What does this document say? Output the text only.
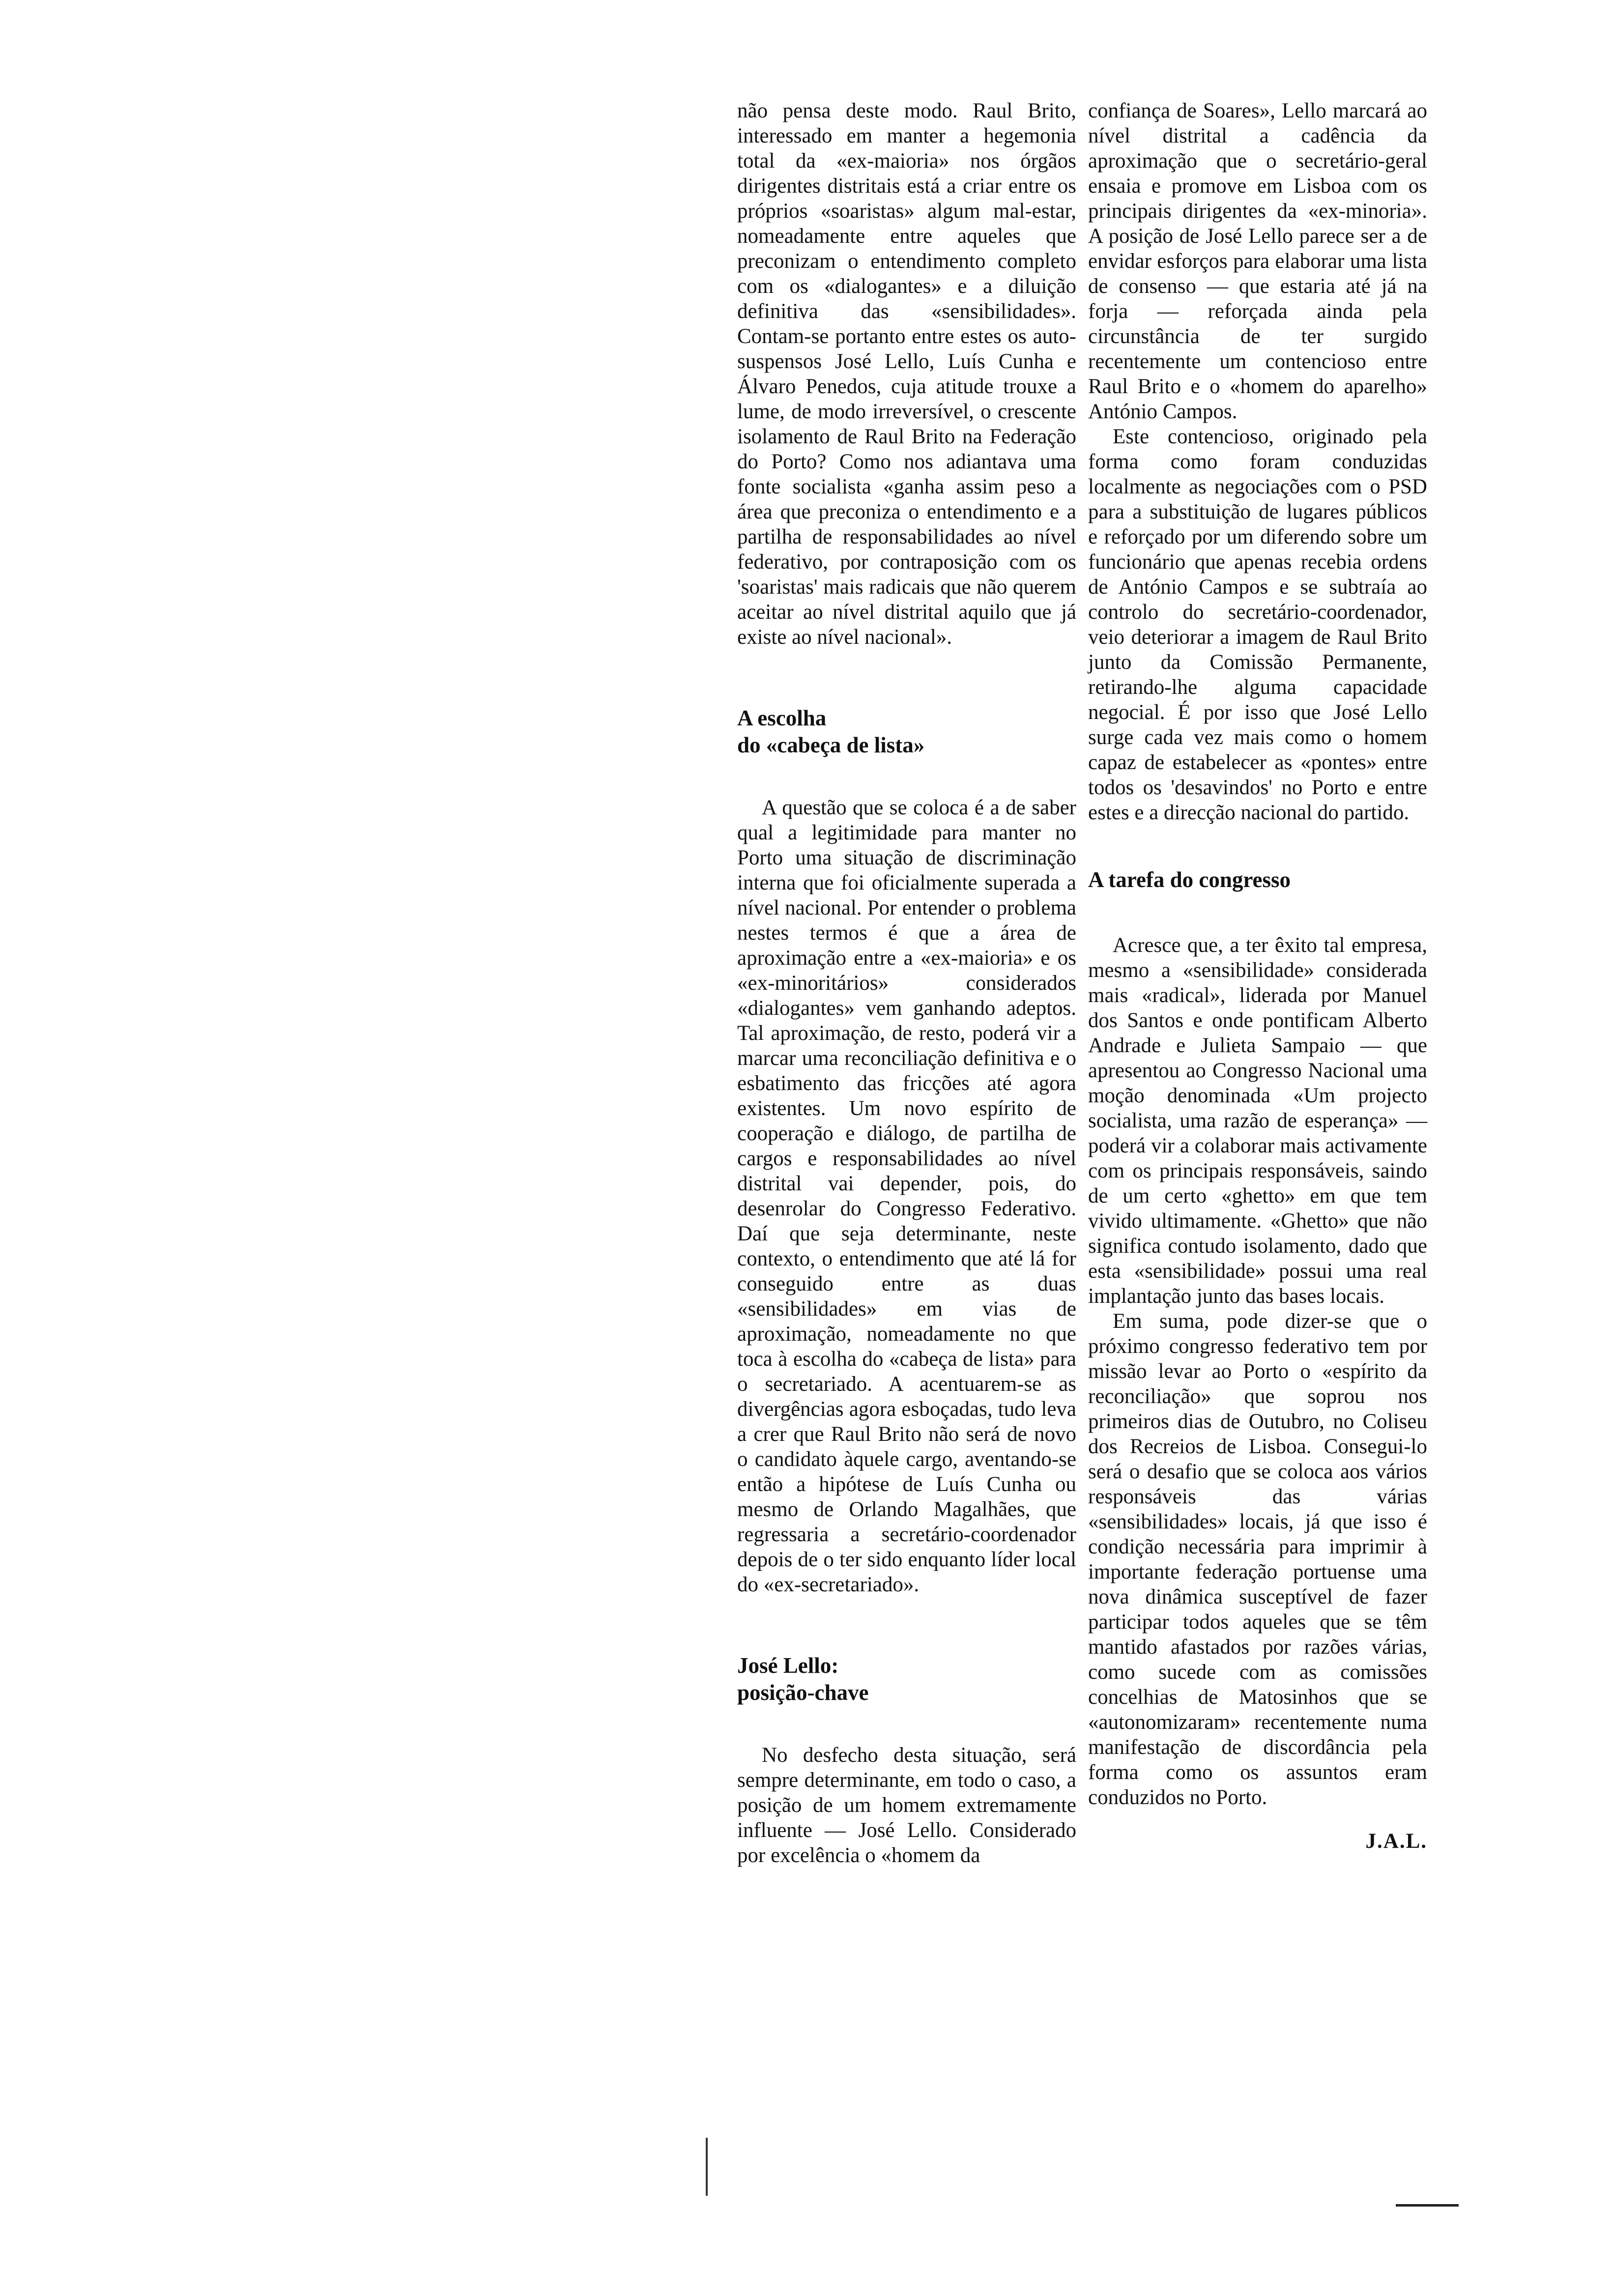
não pensa deste modo. Raul Brito, interessado em manter a hegemonia total da «ex-maioria» nos órgãos dirigentes distritais está a criar entre os próprios «soaristas» algum mal-estar, nomeadamente entre aqueles que preconizam o entendimento completo com os «dialogantes» e a diluição definitiva das «sensibilidades». Contam-se portanto entre estes os auto-suspensos José Lello, Luís Cunha e Álvaro Penedos, cuja atitude trouxe a lume, de modo irreversível, o crescente isolamento de Raul Brito na Federação do Porto? Como nos adiantava uma fonte socialista «ganha assim peso a área que preconiza o entendimento e a partilha de responsabilidades ao nível federativo, por contraposição com os 'soaristas' mais radicais que não querem aceitar ao nível distrital aquilo que já existe ao nível nacional».

A escolha
do «cabeça de lista»

A questão que se coloca é a de saber qual a legitimidade para manter no Porto uma situação de discriminação interna que foi oficialmente superada a nível nacional. Por entender o problema nestes termos é que a área de aproximação entre a «ex-maioria» e os «ex-minoritários» considerados «dialogantes» vem ganhando adeptos. Tal aproximação, de resto, poderá vir a marcar uma reconciliação definitiva e o esbatimento das fricções até agora existentes. Um novo espírito de cooperação e diálogo, de partilha de cargos e responsabilidades ao nível distrital vai depender, pois, do desenrolar do Congresso Federativo. Daí que seja determinante, neste contexto, o entendimento que até lá for conseguido entre as duas «sensibilidades» em vias de aproximação, nomeadamente no que toca à escolha do «cabeça de lista» para o secretariado. A acentuarem-se as divergências agora esboçadas, tudo leva a crer que Raul Brito não será de novo o candidato àquele cargo, aventando-se então a hipótese de Luís Cunha ou mesmo de Orlando Magalhães, que regressaria a secretário-coordenador depois de o ter sido enquanto líder local do «ex-secretariado».

José Lello:
posição-chave

No desfecho desta situação, será sempre determinante, em todo o caso, a posição de um homem extremamente influente — José Lello. Considerado por excelência o «homem da

confiança de Soares», Lello marcará ao nível distrital a cadência da aproximação que o secretário-geral ensaia e promove em Lisboa com os principais dirigentes da «ex-minoria». A posição de José Lello parece ser a de envidar esforços para elaborar uma lista de consenso — que estaria até já na forja — reforçada ainda pela circunstância de ter surgido recentemente um contencioso entre Raul Brito e o «homem do aparelho» António Campos.

Este contencioso, originado pela forma como foram conduzidas localmente as negociações com o PSD para a substituição de lugares públicos e reforçado por um diferendo sobre um funcionário que apenas recebia ordens de António Campos e se subtraía ao controlo do secretário-coordenador, veio deteriorar a imagem de Raul Brito junto da Comissão Permanente, retirando-lhe alguma capacidade negocial. É por isso que José Lello surge cada vez mais como o homem capaz de estabelecer as «pontes» entre todos os 'desavindos' no Porto e entre estes e a direcção nacional do partido.

A tarefa do congresso

Acresce que, a ter êxito tal empresa, mesmo a «sensibilidade» considerada mais «radical», liderada por Manuel dos Santos e onde pontificam Alberto Andrade e Julieta Sampaio — que apresentou ao Congresso Nacional uma moção denominada «Um projecto socialista, uma razão de esperança» — poderá vir a colaborar mais activamente com os principais responsáveis, saindo de um certo «ghetto» em que tem vivido ultimamente. «Ghetto» que não significa contudo isolamento, dado que esta «sensibilidade» possui uma real implantação junto das bases locais.

Em suma, pode dizer-se que o próximo congresso federativo tem por missão levar ao Porto o «espírito da reconciliação» que soprou nos primeiros dias de Outubro, no Coliseu dos Recreios de Lisboa. Consegui-lo será o desafio que se coloca aos vários responsáveis das várias «sensibilidades» locais, já que isso é condição necessária para imprimir à importante federação portuense uma nova dinâmica susceptível de fazer participar todos aqueles que se têm mantido afastados por razões várias, como sucede com as comissões concelhias de Matosinhos que se «autonomizaram» recentemente numa manifestação de discordância pela forma como os assuntos eram conduzidos no Porto.

J.A.L.
